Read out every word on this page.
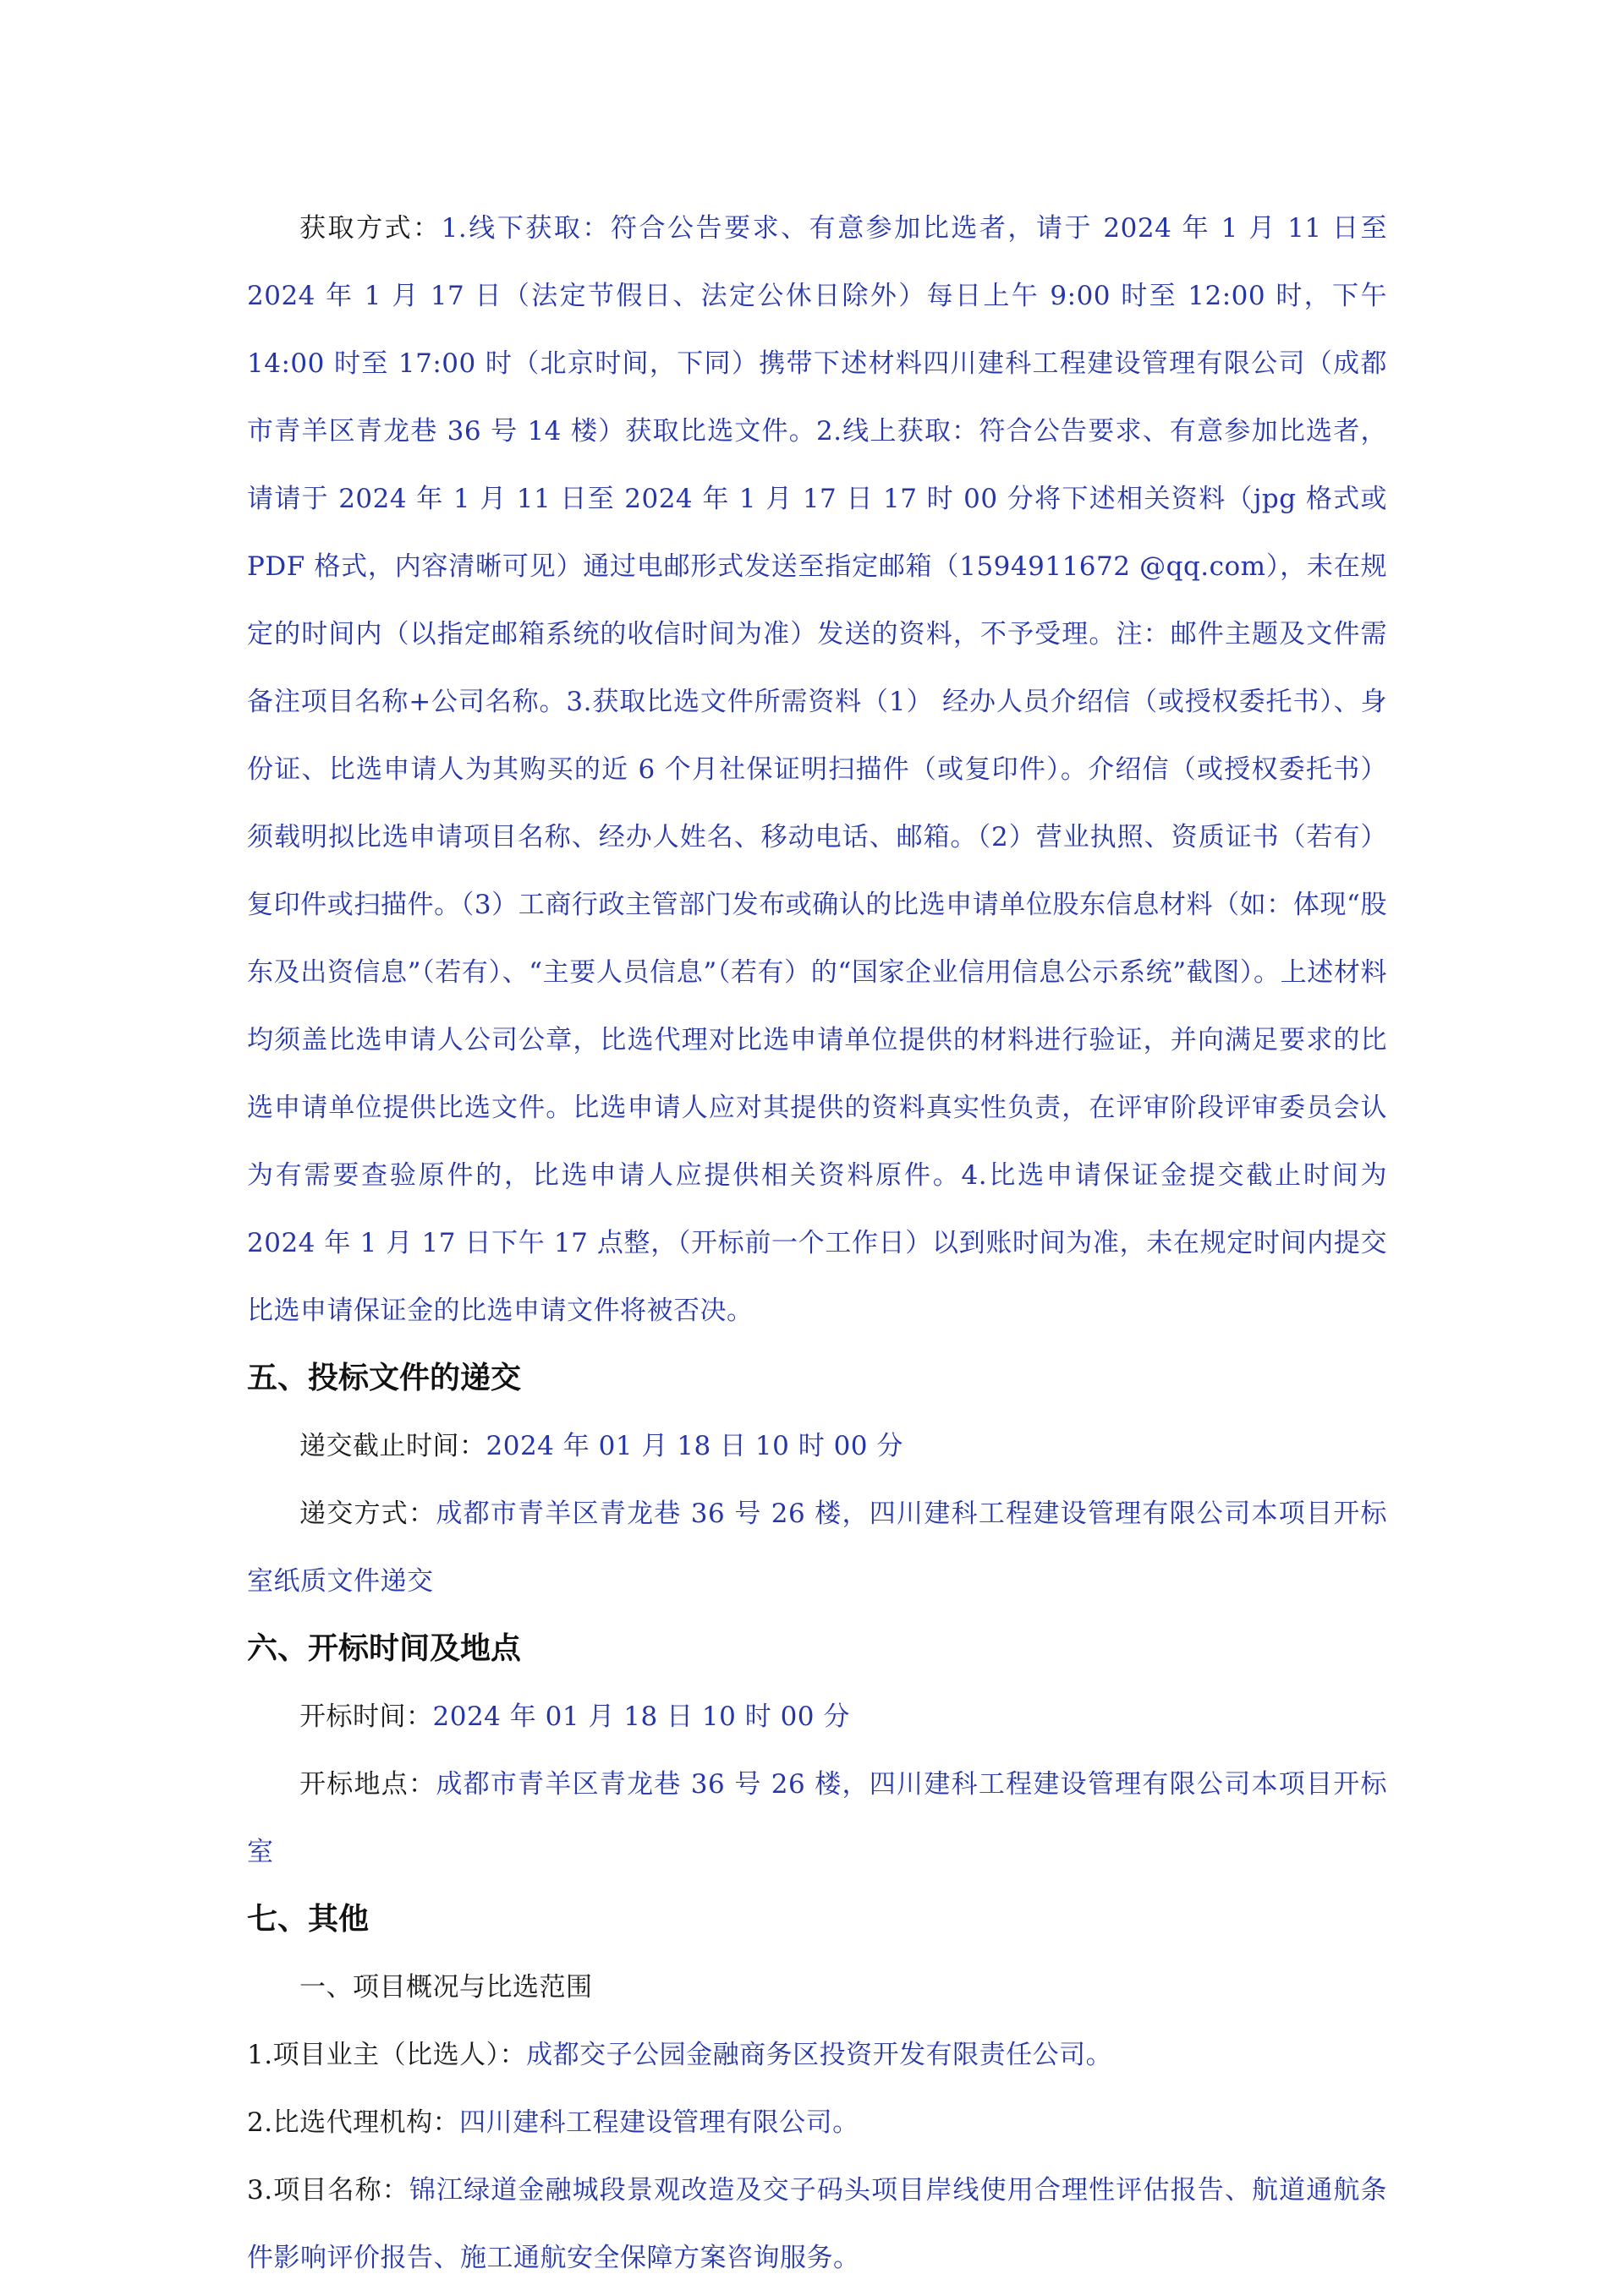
获取方式：1.线下获取：符合公告要求、有意参加比选者，请于 2024 年 1 月 11 日至 2024 年 1 月 17 日（法定节假日、法定公休日除外）每日上午 9:00 时至 12:00 时，下午 14:00 时至 17:00 时（北京时间，下同）携带下述材料四川建科工程建设管理有限公司（成都市青羊区青龙巷 36 号 14 楼）获取比选文件。2.线上获取：符合公告要求、有意参加比选者，请请于 2024 年 1 月 11 日至 2024 年 1 月 17 日 17 时 00 分将下述相关资料（jpg 格式或 PDF 格式，内容清晰可见）通过电邮形式发送至指定邮箱（1594911672 @qq.com），未在规定的时间内（以指定邮箱系统的收信时间为准）发送的资料，不予受理。注：邮件主题及文件需备注项目名称+公司名称。3.获取比选文件所需资料（1） 经办人员介绍信（或授权委托书）、身份证、比选申请人为其购买的近 6 个月社保证明扫描件（或复印件）。介绍信（或授权委托书）须载明拟比选申请项目名称、经办人姓名、移动电话、邮箱。（2）营业执照、资质证书（若有）复印件或扫描件。（3）工商行政主管部门发布或确认的比选申请单位股东信息材料（如：体现“股东及出资信息”（若有）、“主要人员信息”（若有）的“国家企业信用信息公示系统”截图）。上述材料均须盖比选申请人公司公章，比选代理对比选申请单位提供的材料进行验证，并向满足要求的比选申请单位提供比选文件。比选申请人应对其提供的资料真实性负责，在评审阶段评审委员会认为有需要查验原件的，比选申请人应提供相关资料原件。4.比选申请保证金提交截止时间为 2024 年 1 月 17 日下午 17 点整，（开标前一个工作日）以到账时间为准，未在规定时间内提交比选申请保证金的比选申请文件将被否决。

五、投标文件的递交

递交截止时间：2024 年 01 月 18 日 10 时 00 分

递交方式：成都市青羊区青龙巷 36 号 26 楼，四川建科工程建设管理有限公司本项目开标室纸质文件递交

六、开标时间及地点

开标时间：2024 年 01 月 18 日 10 时 00 分

开标地点：成都市青羊区青龙巷 36 号 26 楼，四川建科工程建设管理有限公司本项目开标室

七、其他

一、项目概况与比选范围

1.项目业主（比选人）：成都交子公园金融商务区投资开发有限责任公司。

2.比选代理机构：四川建科工程建设管理有限公司。

3.项目名称：锦江绿道金融城段景观改造及交子码头项目岸线使用合理性评估报告、航道通航条件影响评价报告、施工通航安全保障方案咨询服务。
